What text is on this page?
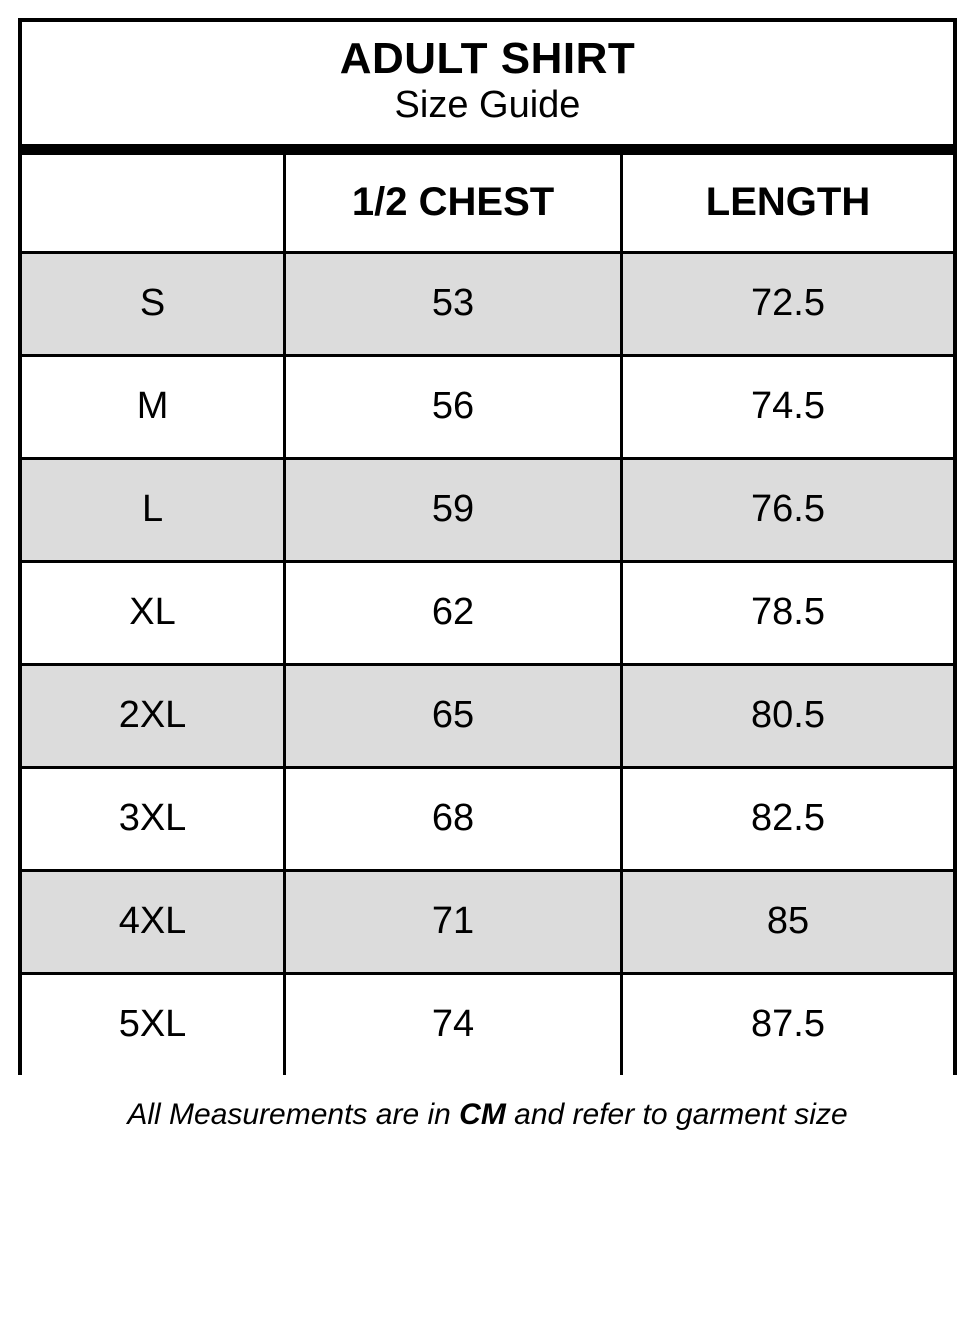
ADULT SHIRT
Size Guide
	1/2 CHEST	LENGTH
S	53	72.5
M	56	74.5
L	59	76.5
XL	62	78.5
2XL	65	80.5
3XL	68	82.5
4XL	71	85
5XL	74	87.5
All Measurements are in CM and refer to garment size
